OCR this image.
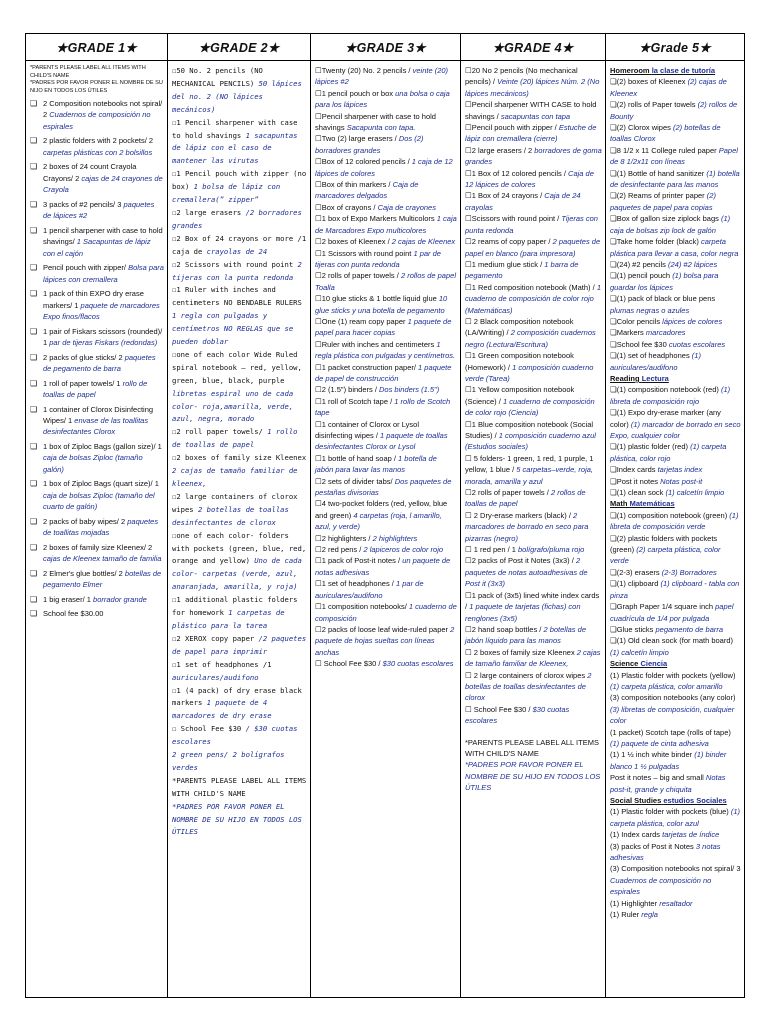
★GRADE 1★
*PARENTS PLEASE LABEL ALL ITEMS WITH CHILD'S NAME
*PADRES POR FAVOR PONER EL NOMBRE DE SU NIJO EN TODOS LOS ÚTILES
❏ 2 Composition notebooks not spiral/ 2 Cuadernos de composición no espirales
❏ 2 plastic folders with 2 pockets/ 2 carpetas plásticas con 2 bolsillos
❏ 2 boxes of 24 count Crayola Crayons/ 2 cajas de 24 crayones de Crayola
❏ 3 packs of #2 pencils/ 3 paquetes de lápices #2
❏ 1 pencil sharpener with case to hold shavings/ 1 Sacapuntas de lápiz con el cajón
❏ Pencil pouch with zipper/ Bolsa para lápices con cremallera
❏ 1 pack of thin EXPO dry erase markers/ 1 paquete de marcadores Expo finos/flacos
❏ 1 pair of Fiskars scissors (rounded)/ 1 par de tijeras Fiskars (redondas)
❏ 2 packs of glue sticks/ 2 paquetes de pegamento de barra
❏ 1 roll of paper towels/ 1 rollo de toallas de papel
❏ 1 container of Clorox Disinfecting Wipes/ 1 envase de las toallitas desinfectantes Clorox
❏ 1 box of Ziploc Bags (gallon size)/ 1 caja de bolsas Ziploc (tamaño galón)
❏ 1 box of Ziploc Bags (quart size)/ 1 caja de bolsas Ziploc (tamaño del cuarto de galón)
❏ 2 packs of baby wipes/ 2 paquetes de toallitas mojadas
❏ 2 boxes of family size Kleenex/ 2 cajas de Kleenex tamaño de familia
❏ 2 Elmer's glue bottles/ 2 botellas de pegamento Elmer
❏ 1 big eraser/ 1 borrador grande
❏ School fee $30.00
★GRADE 2★
☐50 No. 2 pencils (NO MECHANICAL PENCILS) 50 lápices del no. 2 (NO lápices mecánicos)
☐1 Pencil sharpener with case to hold shavings 1 sacapuntas de lápiz con el caso de mantener las virutas
☐1 Pencil pouch with zipper (no box) 1 bolsa de lápiz con cremallera(” zipper”
☐2 large erasers /2 borradores grandes
☐2 Box of 24 crayons or more /1 caja de crayolas de 24
☐2 Scissors with round point 2 tijeras con la punta redonda
☐1 Ruler with inches and centimeters NO BENDABLE RULERS 1 regla con pulgadas y centímetros NO REGLAS que se pueden doblar
☐one of each color Wide Ruled spiral notebook – red, yellow, green, blue, black, purple libretas espiral uno de cada color- roja,amarilla, verde, azul, negra, morado
☐2 roll paper towels/ 1 rollo de toallas de papel
☐2 boxes of family size Kleenex 2 cajas de tamaño familiar de kleenex,
☐2 large containers of clorox wipes 2 botellas de toallas desinfectantes de clorox
☐one of each color- folders with pockets (green, blue, red, orange and yellow) Uno de cada color- carpetas (verde, azul, anaranjada, amarilla, y roja)
☐1 additional plastic folders for homework 1 carpetas de plástico para la tarea
☐2 XEROX copy paper /2 paquetes de papel para imprimir
☐1 set of headphones /1 auriculares/audifono
☐1 (4 pack) of dry erase black markers 1 paquete de 4 marcadores de dry erase
☐ School Fee $30 / $30 cuotas escolares
2 green pens/ 2 bolígrafos verdes
*PARENTS PLEASE LABEL ALL ITEMS WITH CHILD'S NAME
*PADRES POR FAVOR PONER EL NOMBRE DE SU HIJO EN TODOS LOS ÚTILES
★GRADE 3★
☐Twenty (20) No. 2 pencils / veinte (20) lápices #2
☐1 pencil pouch or box una bolsa o caja para los lápices
☐Pencil sharpener with case to hold shavings Sacapunta con tapa.
☐Two (2) large erasers / Dos (2) borradores grandes
☐Box of 12 colored pencils / 1 caja de 12 lápices de colores
☐Box of thin markers / Caja de marcadores delgados
☐Box of crayons / Caja de crayones
☐1 box of Expo Markers Multicolors 1 caja de Marcadores Expo multicolores
☐2 boxes of Kleenex / 2 cajas de Kleenex
☐1 Scissors with round point 1 par de tijeras con punta redonda
☐2 rolls of paper towels / 2 rollos de papel Toalla
☐10 glue sticks & 1 bottle liquid glue 10 glue sticks y una botella de pegamento
☐One (1) ream copy paper 1 paquete de papel para hacer copias
☐Ruler with inches and centimeters 1 regla plástica con pulgadas y centímetros.
☐1 packet construction paper/ 1 paquete de papel de construcción
☐2 (1.5") binders / Dos binders (1.5")
☐1 roll of Scotch tape / 1 rollo de Scotch tape
☐1 container of Clorox or Lysol disinfecting wipes / 1 paquete de toallas desinfectantes Clorox or Lysol
☐1 bottle of hand soap / 1 botella de jabón para lavar las manos
☐2 sets of divider tabs/ Dos paquetes de pestañas divisorias
☐4 two-pocket folders (red, yellow, blue and green) 4 carpetas (roja, l amarillo, azul, y verde)
☐2 highlighters / 2 highlighters
☐2 red pens / 2 lapiceros de color rojo
☐1 pack of Post-it notes / un paquete de notas adhesivas
☐1 set of headphones / 1 par de auriculares/audifono
☐1 composition notebooks/ 1 cuaderno de composición
☐2 packs of loose leaf wide-ruled paper 2 paquete de hojas sueltas con líneas anchas
☐ School Fee $30 / $30 cuotas escolares
★GRADE 4★
☐20 No 2 pencils (No mechanical pencils) / Veinte (20) lápices Núm. 2 (No lápices mecánicos)
☐Pencil sharpener WITH CASE to hold shavings / sacapuntas con tapa
☐Pencil pouch with zipper / Estuche de lápiz con cremallera (cierre)
☐2 large erasers / 2 borradores de goma grandes
☐1 Box of 12 colored pencils / Caja de 12 lápices de colores
☐1 Box of 24 crayons / Caja de 24 crayolas
☐Scissors with round point / Tijeras con punta redonda
☐2 reams of copy paper / 2 paquetes de papel en blanco (para impresora)
☐1 medium glue stick / 1 barra de pegamento
☐1 Red composition notebook (Math) / 1 cuaderno de composición de color rojo (Matemáticas)
☐ 2 Black composition notebook (LA/Writing) / 2 composición cuadernos negro (Lectura/Escritura)
☐1 Green composition notebook (Homework) / 1 composición cuaderno verde (Tarea)
☐1 Yellow composition notebook (Science) / 1 cuaderno de composición de color rojo (Ciencia)
☐1 Blue composition notebook (Social Studies) / 1 composición cuaderno azul (Estudios sociales)
☐ 5 folders- 1 green, 1 red, 1 purple, 1 yellow, 1 blue / 5 carpetas–verde, roja, morada, amarilla y azul
☐2 rolls of paper towels / 2 rollos de toallas de papel
☐ 2 Dry-erase markers (black) / 2 marcadores de borrado en seco para pizarras (negro)
☐ 1 red pen / 1 bolígrafo/pluma rojo
☐2 packs of Post it Notes (3x3) / 2 paquetes de notas autoadhesivas de Post it (3x3)
☐1 pack of (3x5) lined white index cards / 1 paquete de tarjetas (fichas) con renglones (3x5)
☐2 hand soap bottles / 2 botellas de jabón líquido para las manos
☐ 2 boxes of family size Kleenex 2 cajas de tamaño familiar de Kleenex,
☐ 2 large containers of clorox wipes 2 botellas de toallas desinfectantes de clorox
☐ School Fee $30 / $30 cuotas escolares
*PARENTS PLEASE LABEL ALL ITEMS WITH CHILD'S NAME
*PADRES POR FAVOR PONER EL NOMBRE DE SU HIJO EN TODOS LOS ÚTILES
★Grade 5★
Homeroom la clase de tutoría
❏(2) boxes of Kleenex (2) cajas de Kleenex
❏(2) rolls of Paper towels (2) rollos de Bounty
❏(2) Clorox wipes (2) botellas de toallas Clorox
❏8 1/2 x 11 College ruled paper Papel de 8 1/2x11 con líneas
❏(1) Bottle of hand sanitizer (1) botella de desinfectante para las manos
❏(2) Reams of printer paper (2) paquetes de papel para copias
❏Box of gallon size ziplock bags (1) caja de bolsas zip lock de galón
❏Take home folder (black) carpeta plástica para llevar a casa, color negra
❏(24) #2 pencils (24) #2 lápices
❏(1) pencil pouch (1) bolsa para guardar los lápices
❏(1) pack of black or blue pens plumas negras o azules
❏Color pencils lápices de colores
❏Markers marcadores
❏School fee $30 cuotas escolares
❏(1) set of headphones (1) auriculares/audifono
Reading Lectura
❏(1) composition notebook (red) (1) libreta de composición rojo
❏(1) Expo dry-erase marker (any color) (1) marcador de borrado en seco Expo, cualquier color
❏(1) plastic folder (red) (1) carpeta plástica, color rojo
❏Index cards tarjetas index
❏Post it notes Notas post-it
❏(1) clean sock (1) calcetín limpio
Math Matemáticas
❏(1) composition notebook (green) (1) libreta de composición verde
❏(2) plastic folders with pockets (green) (2) carpeta plástica, color verde
❏(2-3) erasers (2-3) Borradores
❏(1) clipboard (1) clipboard - tabla con pinza
❏Graph Paper 1/4 square inch papel cuadrícula de 1/4 por pulgada
❏Glue sticks pegamento de barra
❏(1) Old clean sock (for math board) (1) calcetín limpio
Science Ciencia
(1) Plastic folder with pockets (yellow) (1) carpeta plástica, color amarillo
(3) composition notebooks (any color) (3) libretas de composición, cualquier color
(1 packet) Scotch tape (rolls of tape) (1) paquete de cinta adhesiva
(1) 1 ½ inch white binder (1) binder blanco 1 ½ pulgadas
Post it notes – big and small Notas post-it, grande y chiquita
Social Studies estudios Sociales
(1) Plastic folder with pockets (blue) (1) carpeta plástica, color azul
(1) Index cards tarjetas de índice
(3) packs of Post it Notes 3 notas adhesivas
(3) Composition notebooks not spiral/ 3 Cuadernos de composición no espirales
(1) Highlighter resaltador
(1) Ruler regla
